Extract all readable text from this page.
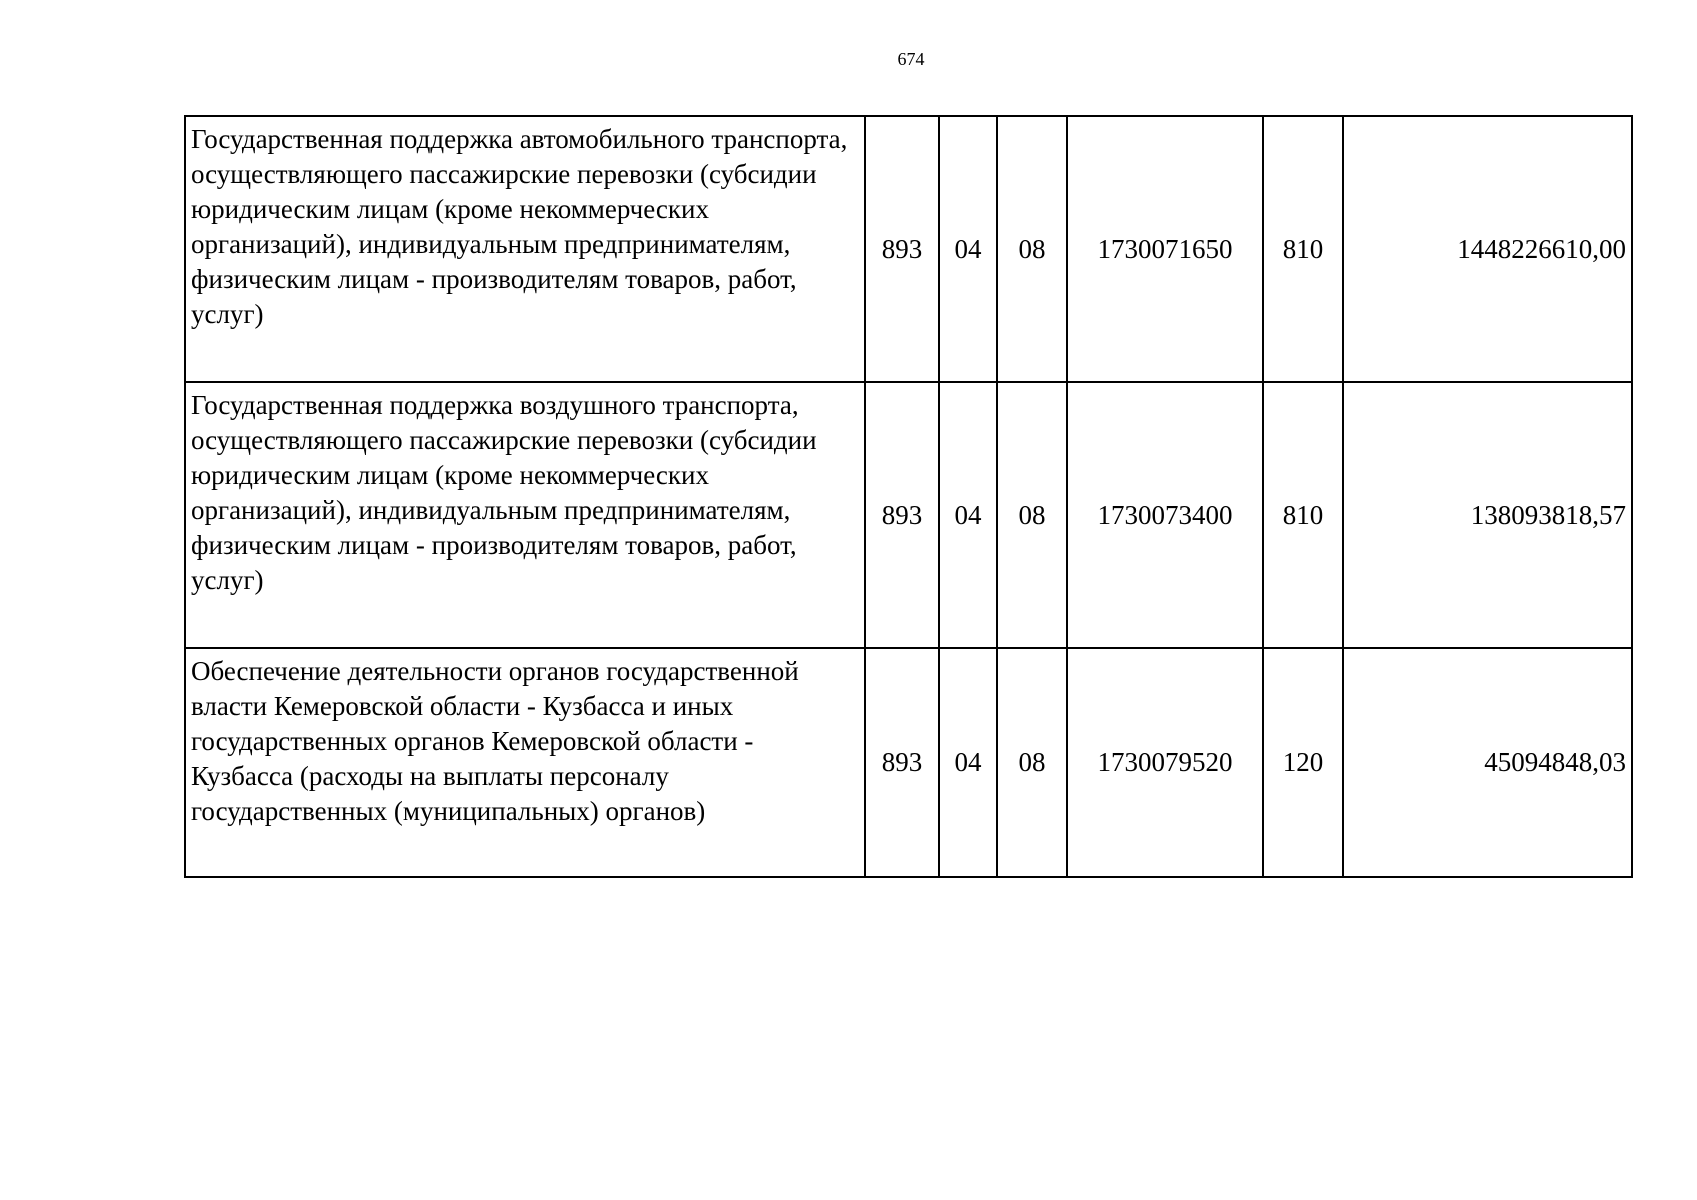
674
Государственная поддержка автомобильного транспорта, осуществляющего пассажирские перевозки (субсидии юридическим лицам (кроме некоммерческих организаций), индивидуальным предпринимателям, физическим лицам - производителям товаров, работ, услуг)	893	04	08	1730071650	810	1448226610,00
Государственная поддержка воздушного транспорта, осуществляющего пассажирские перевозки (субсидии юридическим лицам (кроме некоммерческих организаций), индивидуальным предпринимателям, физическим лицам - производителям товаров, работ, услуг)	893	04	08	1730073400	810	138093818,57
Обеспечение деятельности органов государственной власти Кемеровской области - Кузбасса и иных государственных органов Кемеровской области - Кузбасса (расходы на выплаты персоналу государственных (муниципальных) органов)	893	04	08	1730079520	120	45094848,03
